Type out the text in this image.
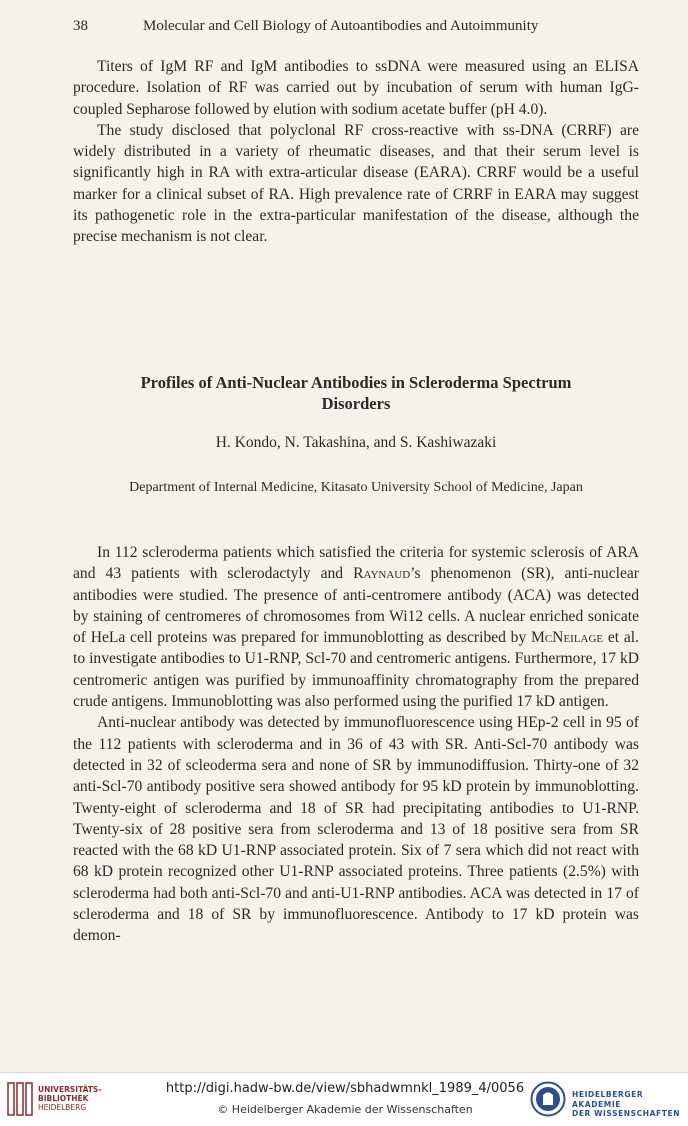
38	Molecular and Cell Biology of Autoantibodies and Autoimmunity

Titers of IgM RF and IgM antibodies to ssDNA were measured using an ELISA procedure. Isolation of RF was carried out by incubation of serum with human IgG-coupled Sepharose followed by elution with sodium acetate buffer (pH 4.0).

The study disclosed that polyclonal RF cross-reactive with ss-DNA (CRRF) are widely distributed in a variety of rheumatic diseases, and that their serum level is significantly high in RA with extra-articular disease (EARA). CRRF would be a useful marker for a clinical subset of RA. High prevalence rate of CRRF in EARA may suggest its pathogenetic role in the extra-particular manifestation of the disease, although the precise mechanism is not clear.

Profiles of Anti-Nuclear Antibodies in Scleroderma Spectrum
Disorders
H. Kondo, N. Takashina, and S. Kashiwazaki
Department of Internal Medicine, Kitasato University School of Medicine, Japan

In 112 scleroderma patients which satisfied the criteria for systemic sclerosis of ARA and 43 patients with sclerodactyly and Raynaud’s phenomenon (SR), anti-nuclear antibodies were studied. The presence of anti-centromere antibody (ACA) was detected by staining of centromeres of chromosomes from Wi12 cells. A nuclear enriched sonicate of HeLa cell proteins was prepared for immunoblotting as described by McNeilage et al. to investigate antibodies to U1-RNP, Scl-70 and centromeric antigens. Furthermore, 17 kD centromeric antigen was purified by immunoaffinity chromatography from the prepared crude antigens. Immunoblotting was also performed using the purified 17 kD antigen.

Anti-nuclear antibody was detected by immunofluorescence using HEp-2 cell in 95 of the 112 patients with scleroderma and in 36 of 43 with SR. Anti-Scl-70 antibody was detected in 32 of scleoderma sera and none of SR by immunodiffusion. Thirty-one of 32 anti-Scl-70 antibody positive sera showed antibody for 95 kD protein by immunoblotting. Twenty-eight of scleroderma and 18 of SR had precipitating antibodies to U1-RNP. Twenty-six of 28 positive sera from scleroderma and 13 of 18 positive sera from SR reacted with the 68 kD U1-RNP associated protein. Six of 7 sera which did not react with 68 kD protein recognized other U1-RNP associated proteins. Three patients (2.5%) with scleroderma had both anti-Scl-70 and anti-U1-RNP antibodies. ACA was detected in 17 of scleroderma and 18 of SR by immunofluorescence. Antibody to 17 kD protein was demon-

UNIVERSITÄTS-
BIBLIOTHEK
HEIDELBERG
http://digi.hadw-bw.de/view/sbhadwmnkl_1989_4/0056
© Heidelberger Akademie der Wissenschaften
HEIDELBERGER AKADEMIE
DER WISSENSCHAFTEN
